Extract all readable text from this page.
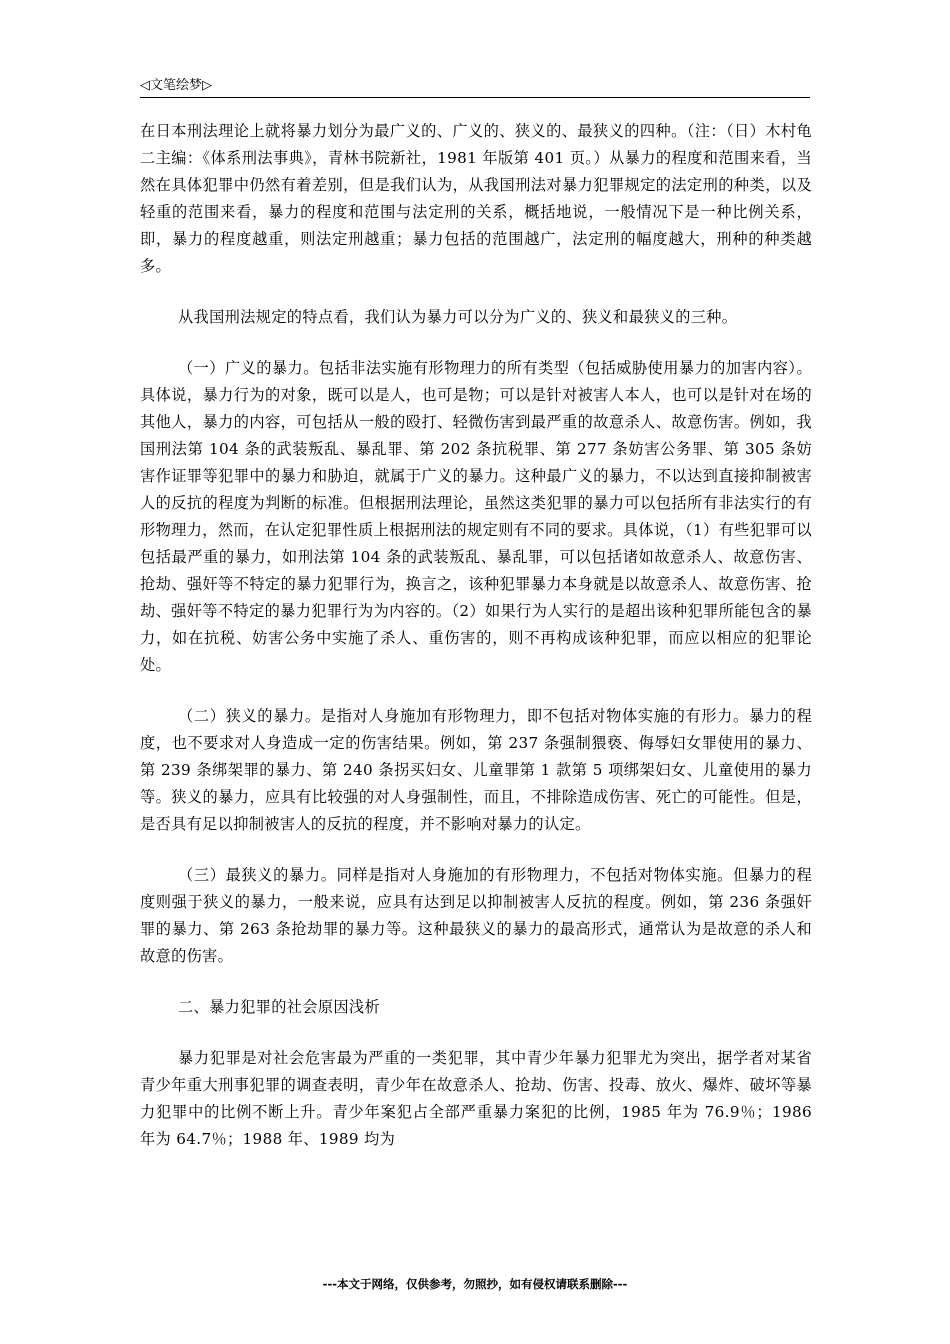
◁文笔绘梦▷

在日本刑法理论上就将暴力划分为最广义的、广义的、狭义的、最狭义的四种。（注：（日）木村龟二主编：《体系刑法事典》，青林书院新社，1981 年版第 401 页。）从暴力的程度和范围来看，当然在具体犯罪中仍然有着差别，但是我们认为，从我国刑法对暴力犯罪规定的法定刑的种类，以及轻重的范围来看，暴力的程度和范围与法定刑的关系，概括地说，一般情况下是一种比例关系，即，暴力的程度越重，则法定刑越重；暴力包括的范围越广，法定刑的幅度越大，刑种的种类越多。

从我国刑法规定的特点看，我们认为暴力可以分为广义的、狭义和最狭义的三种。

（一）广义的暴力。包括非法实施有形物理力的所有类型（包括威胁使用暴力的加害内容）。具体说，暴力行为的对象，既可以是人，也可是物；可以是针对被害人本人，也可以是针对在场的其他人，暴力的内容，可包括从一般的殴打、轻微伤害到最严重的故意杀人、故意伤害。例如，我国刑法第 104 条的武装叛乱、暴乱罪、第 202 条抗税罪、第 277 条妨害公务罪、第 305 条妨害作证罪等犯罪中的暴力和胁迫，就属于广义的暴力。这种最广义的暴力，不以达到直接抑制被害人的反抗的程度为判断的标准。但根据刑法理论，虽然这类犯罪的暴力可以包括所有非法实行的有形物理力，然而，在认定犯罪性质上根据刑法的规定则有不同的要求。具体说，（1）有些犯罪可以包括最严重的暴力，如刑法第 104 条的武装叛乱、暴乱罪，可以包括诸如故意杀人、故意伤害、抢劫、强奸等不特定的暴力犯罪行为，换言之，该种犯罪暴力本身就是以故意杀人、故意伤害、抢劫、强奸等不特定的暴力犯罪行为为内容的。（2）如果行为人实行的是超出该种犯罪所能包含的暴力，如在抗税、妨害公务中实施了杀人、重伤害的，则不再构成该种犯罪，而应以相应的犯罪论处。

（二）狭义的暴力。是指对人身施加有形物理力，即不包括对物体实施的有形力。暴力的程度，也不要求对人身造成一定的伤害结果。例如，第 237 条强制猥亵、侮辱妇女罪使用的暴力、第 239 条绑架罪的暴力、第 240 条拐买妇女、儿童罪第 1 款第 5 项绑架妇女、儿童使用的暴力等。狭义的暴力，应具有比较强的对人身强制性，而且，不排除造成伤害、死亡的可能性。但是，是否具有足以抑制被害人的反抗的程度，并不影响对暴力的认定。

（三）最狭义的暴力。同样是指对人身施加的有形物理力，不包括对物体实施。但暴力的程度则强于狭义的暴力，一般来说，应具有达到足以抑制被害人反抗的程度。例如，第 236 条强奸罪的暴力、第 263 条抢劫罪的暴力等。这种最狭义的暴力的最高形式，通常认为是故意的杀人和故意的伤害。

二、暴力犯罪的社会原因浅析

暴力犯罪是对社会危害最为严重的一类犯罪，其中青少年暴力犯罪尤为突出，据学者对某省青少年重大刑事犯罪的调查表明，青少年在故意杀人、抢劫、伤害、投毒、放火、爆炸、破坏等暴力犯罪中的比例不断上升。青少年案犯占全部严重暴力案犯的比例，1985 年为 76.9％；1986 年为 64.7％；1988 年、1989 均为

---本文于网络，仅供参考，勿照抄，如有侵权请联系删除---
